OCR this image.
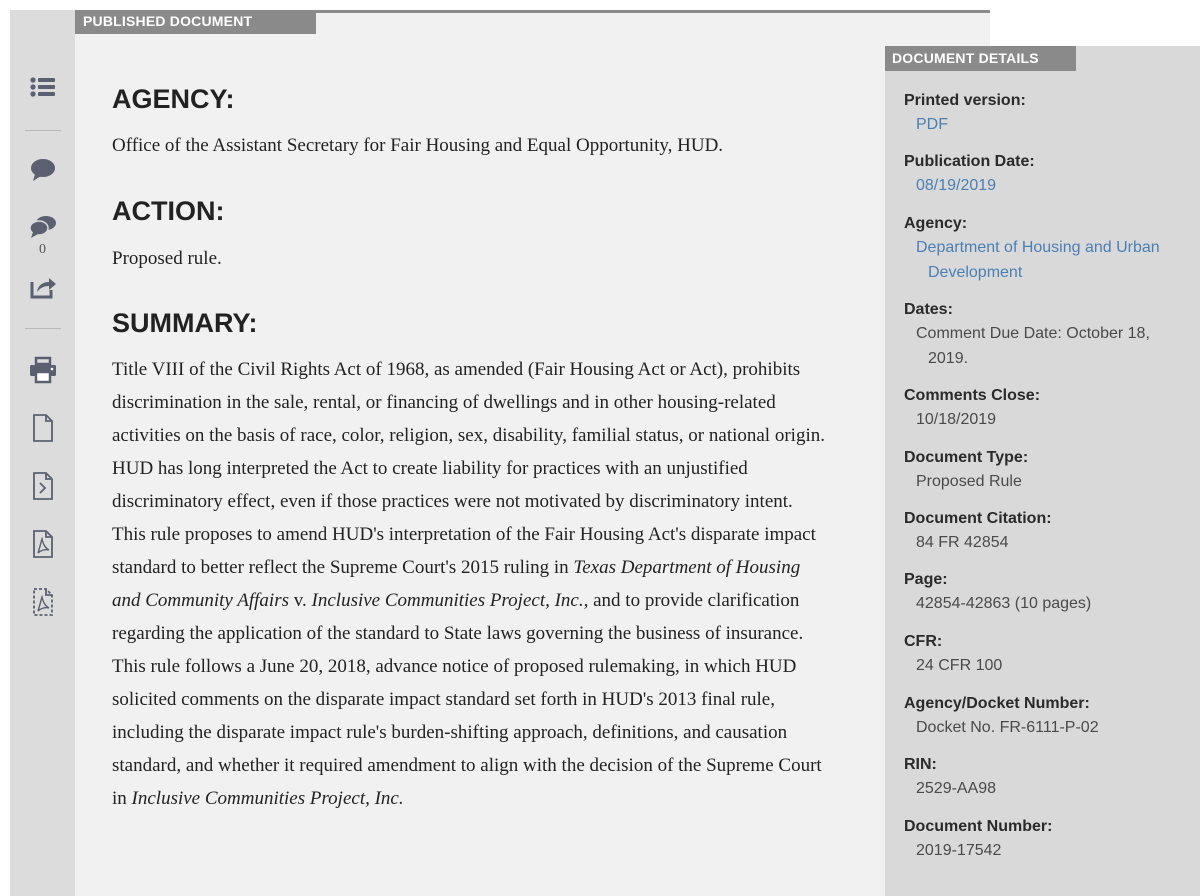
0
PUBLISHED DOCUMENT
AGENCY:
Office of the Assistant Secretary for Fair Housing and Equal Opportunity, HUD.
ACTION:
Proposed rule.
SUMMARY:

Title VIII of the Civil Rights Act of 1968, as amended (Fair Housing Act or Act), prohibits discrimination in the sale, rental, or financing of dwellings and in other housing-related activities on the basis of race, color, religion, sex, disability, familial status, or national origin. HUD has long interpreted the Act to create liability for practices with an unjustified discriminatory effect, even if those practices were not motivated by discriminatory intent. This rule proposes to amend HUD's interpretation of the Fair Housing Act's disparate impact standard to better reflect the Supreme Court's 2015 ruling in Texas Department of Housing and Community Affairs v. Inclusive Communities Project, Inc., and to provide clarification regarding the application of the standard to State laws governing the business of insurance. This rule follows a June 20, 2018, advance notice of proposed rulemaking, in which HUD solicited comments on the disparate impact standard set forth in HUD's 2013 final rule, including the disparate impact rule's burden-shifting approach, definitions, and causation standard, and whether it required amendment to align with the decision of the Supreme Court in Inclusive Communities Project, Inc.

DOCUMENT DETAILS
Printed version:
PDF
Publication Date:
08/19/2019
Agency:
Department of Housing and Urban Development
Dates:
Comment Due Date: October 18, 2019.
Comments Close:
10/18/2019
Document Type:
Proposed Rule
Document Citation:
84 FR 42854
Page:
42854-42863 (10 pages)
CFR:
24 CFR 100
Agency/Docket Number:
Docket No. FR-6111-P-02
RIN:
2529-AA98
Document Number:
2019-17542
